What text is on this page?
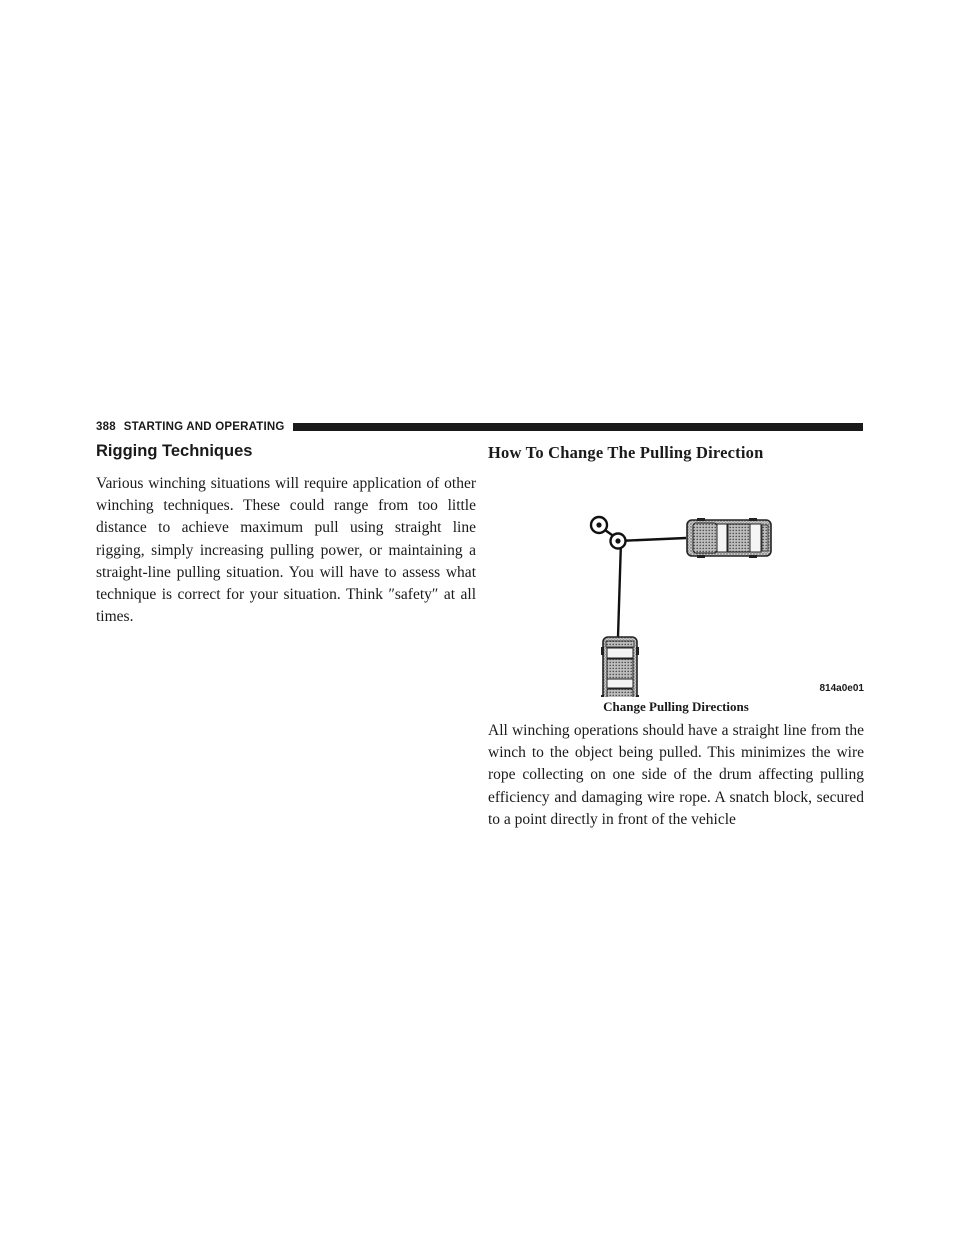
388 STARTING AND OPERATING
Rigging Techniques

Various winching situations will require application of other winching techniques. These could range from too little distance to achieve maximum pull using straight line rigging, simply increasing pulling power, or maintaining a straight-line pulling situation. You will have to assess what technique is correct for your situation. Think ″safety″ at all times.

How To Change The Pulling Direction
814a0e01
Change Pulling Directions

All winching operations should have a straight line from the winch to the object being pulled. This minimizes the wire rope collecting on one side of the drum affecting pulling efficiency and damaging wire rope. A snatch block, secured to a point directly in front of the vehicle
